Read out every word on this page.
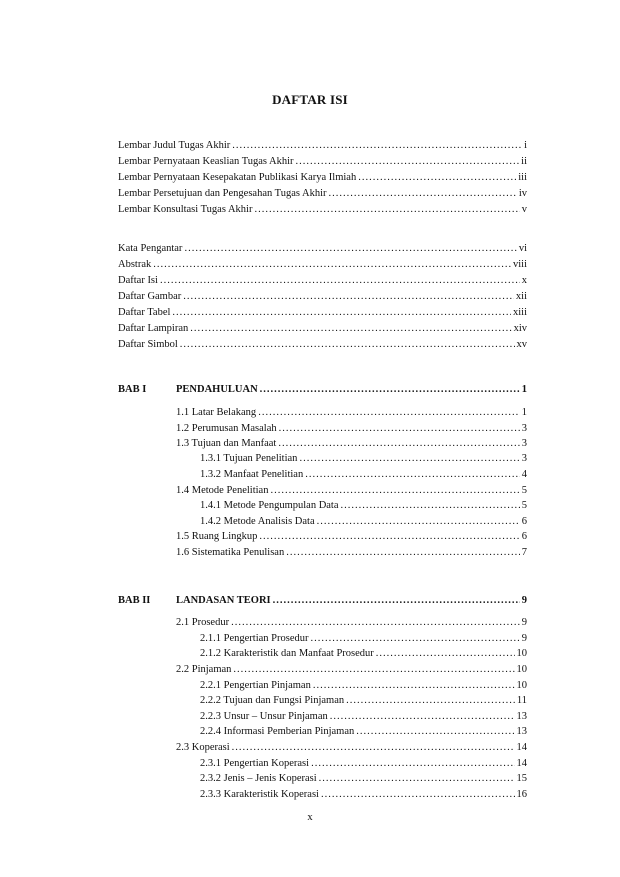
DAFTAR ISI
Lembar Judul Tugas Akhir .....	i
Lembar Pernyataan Keaslian Tugas Akhir .....	ii
Lembar Pernyataan Kesepakatan Publikasi Karya Ilmiah .....	iii
Lembar Persetujuan dan Pengesahan Tugas Akhir .....	iv
Lembar Konsultasi Tugas Akhir .....	v
Kata Pengantar .....	vi
Abstrak .....	viii
Daftar Isi .....	x
Daftar Gambar .....	xii
Daftar Tabel .....	xiii
Daftar Lampiran .....	xiv
Daftar Simbol .....	xv
BAB I	PENDAHULUAN .....	1
1.1 Latar Belakang .....	1
1.2 Perumusan Masalah .....	3
1.3 Tujuan dan Manfaat .....	3
1.3.1 Tujuan Penelitian .....	3
1.3.2 Manfaat Penelitian .....	4
1.4 Metode Penelitian .....	5
1.4.1 Metode Pengumpulan Data .....	5
1.4.2 Metode Analisis Data .....	6
1.5 Ruang Lingkup .....	6
1.6 Sistematika Penulisan .....	7
BAB II LANDASAN TEORI .....	9
2.1 Prosedur .....	9
2.1.1 Pengertian Prosedur .....	9
2.1.2 Karakteristik dan Manfaat Prosedur .....	10
2.2 Pinjaman .....	10
2.2.1 Pengertian Pinjaman .....	10
2.2.2 Tujuan dan Fungsi Pinjaman .....	11
2.2.3 Unsur – Unsur Pinjaman .....	13
2.2.4 Informasi Pemberian Pinjaman .....	13
2.3 Koperasi .....	14
2.3.1 Pengertian Koperasi .....	14
2.3.2 Jenis – Jenis Koperasi .....	15
2.3.3 Karakteristik Koperasi .....	16
x
